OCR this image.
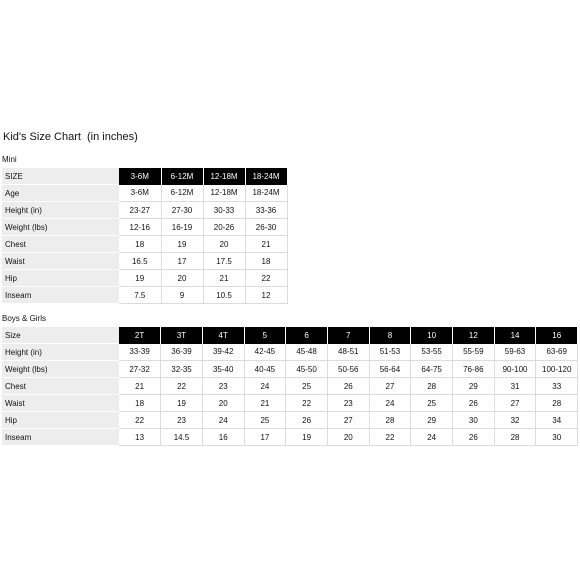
Kid's Size Chart  (in inches)
Mini
SIZE	3-6M	6-12M	12-18M	18-24M
Age	3-6M	6-12M	12-18M	18-24M
Height (in)	23-27	27-30	30-33	33-36
Weight (lbs)	12-16	16-19	20-26	26-30
Chest	18	19	20	21
Waist	16.5	17	17.5	18
Hip	19	20	21	22
Inseam	7.5	9	10.5	12
Boys & Girls
Size	2T	3T	4T	5	6	7	8	10	12	14	16
Height (in)	33-39	36-39	39-42	42-45	45-48	48-51	51-53	53-55	55-59	59-63	63-69
Weight (lbs)	27-32	32-35	35-40	40-45	45-50	50-56	56-64	64-75	76-86	90-100	100-120
Chest	21	22	23	24	25	26	27	28	29	31	33
Waist	18	19	20	21	22	23	24	25	26	27	28
Hip	22	23	24	25	26	27	28	29	30	32	34
Inseam	13	14.5	16	17	19	20	22	24	26	28	30
